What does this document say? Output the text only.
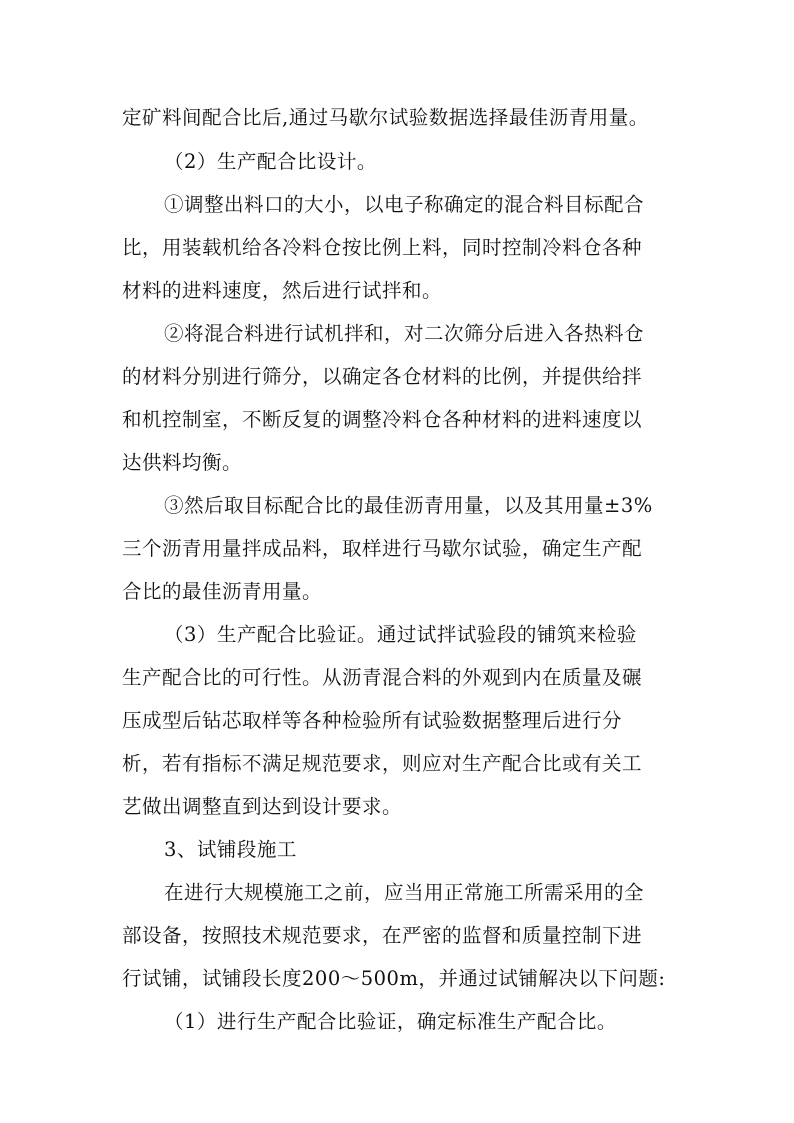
定矿料间配合比后,通过马歇尔试验数据选择最佳沥青用量。
（2）生产配合比设计。
①调整出料口的大小，以电子称确定的混合料目标配合
比，用装载机给各冷料仓按比例上料，同时控制冷料仓各种
材料的进料速度，然后进行试拌和。
②将混合料进行试机拌和，对二次筛分后进入各热料仓
的材料分别进行筛分，以确定各仓材料的比例，并提供给拌
和机控制室，不断反复的调整冷料仓各种材料的进料速度以
达供料均衡。
③然后取目标配合比的最佳沥青用量，以及其用量±3%
三个沥青用量拌成品料，取样进行马歇尔试验，确定生产配
合比的最佳沥青用量。
（3）生产配合比验证。通过试拌试验段的铺筑来检验
生产配合比的可行性。从沥青混合料的外观到内在质量及碾
压成型后钻芯取样等各种检验所有试验数据整理后进行分
析，若有指标不满足规范要求，则应对生产配合比或有关工
艺做出调整直到达到设计要求。
3、试铺段施工
在进行大规模施工之前，应当用正常施工所需采用的全
部设备，按照技术规范要求，在严密的监督和质量控制下进
行试铺，试铺段长度200～500m，并通过试铺解决以下问题:
（1）进行生产配合比验证，确定标准生产配合比。
